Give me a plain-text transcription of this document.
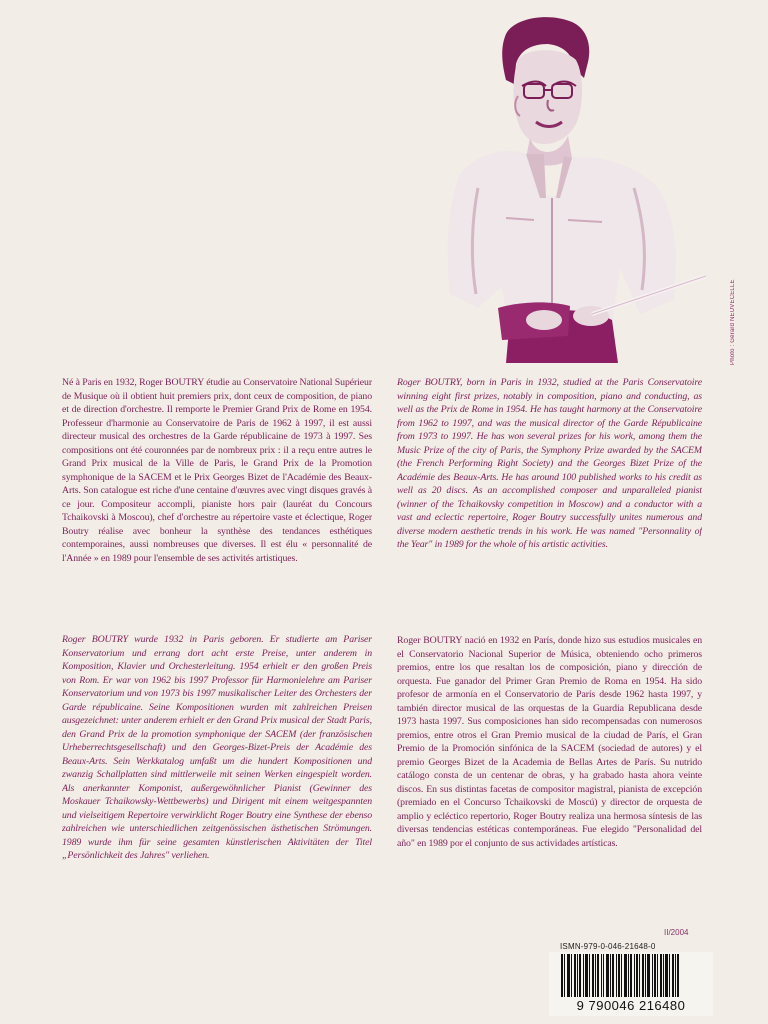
Photo : Gérard NEUVECELLE
Né à Paris en 1932, Roger BOUTRY étudie au Conservatoire National Supérieur de Musique où il obtient huit premiers prix, dont ceux de composition, de piano et de direction d'orchestre. Il remporte le Premier Grand Prix de Rome en 1954. Professeur d'harmonie au Conservatoire de Paris de 1962 à 1997, il est aussi directeur musical des orchestres de la Garde républicaine de 1973 à 1997. Ses compositions ont été couronnées par de nombreux prix : il a reçu entre autres le Grand Prix musical de la Ville de Paris, le Grand Prix de la Promotion symphonique de la SACEM et le Prix Georges Bizet de l'Académie des Beaux-Arts. Son catalogue est riche d'une centaine d'œuvres avec vingt disques gravés à ce jour. Compositeur accompli, pianiste hors pair (lauréat du Concours Tchaikovski à Moscou), chef d'orchestre au répertoire vaste et éclectique, Roger Boutry réalise avec bonheur la synthèse des tendances esthétiques contemporaines, aussi nombreuses que diverses. Il est élu « personnalité de l'Année » en 1989 pour l'ensemble de ses activités artistiques.
Roger BOUTRY, born in Paris in 1932, studied at the Paris Conservatoire winning eight first prizes, notably in composition, piano and conducting, as well as the Prix de Rome in 1954. He has taught harmony at the Conservatoire from 1962 to 1997, and was the musical director of the Garde Républicaine from 1973 to 1997. He has won several prizes for his work, among them the Music Prize of the city of Paris, the Symphony Prize awarded by the SACEM (the French Performing Right Society) and the Georges Bizet Prize of the Académie des Beaux-Arts. He has around 100 published works to his credit as well as 20 discs. As an accomplished composer and unparalleled pianist (winner of the Tchaikovsky competition in Moscow) and a conductor with a vast and eclectic repertoire, Roger Boutry successfully unites numerous and diverse modern aesthetic trends in his work. He was named "Personnality of the Year" in 1989 for the whole of his artistic activities.
Roger BOUTRY wurde 1932 in Paris geboren. Er studierte am Pariser Konservatorium und errang dort acht erste Preise, unter anderem in Komposition, Klavier und Orchesterleitung. 1954 erhielt er den großen Preis von Rom. Er war von 1962 bis 1997 Professor für Harmonielehre am Pariser Konservatorium und von 1973 bis 1997 musikalischer Leiter des Orchesters der Garde républicaine. Seine Kompositionen wurden mit zahlreichen Preisen ausgezeichnet: unter anderem erhielt er den Grand Prix musical der Stadt Paris, den Grand Prix de la promotion symphonique der SACEM (der französischen Urheberrechtsgesellschaft) und den Georges-Bizet-Preis der Académie des Beaux-Arts. Sein Werkkatalog umfaßt um die hundert Kompositionen und zwanzig Schallplatten sind mittlerweile mit seinen Werken eingespielt worden. Als anerkannter Komponist, außergewöhnlicher Pianist (Gewinner des Moskauer Tchaikowsky-Wettbewerbs) und Dirigent mit einem weitgespannten und vielseitigem Repertoire verwirklicht Roger Boutry eine Synthese der ebenso zahlreichen wie unterschiedlichen zeitgenössischen ästhetischen Strömungen. 1989 wurde ihm für seine gesamten künstlerischen Aktivitäten der Titel „Persönlichkeit des Jahres" verliehen.
Roger BOUTRY nació en 1932 en París, donde hizo sus estudios musicales en el Conservatorio Nacional Superior de Música, obteniendo ocho primeros premios, entre los que resaltan los de composición, piano y dirección de orquesta. Fue ganador del Primer Gran Premio de Roma en 1954. Ha sido profesor de armonía en el Conservatorio de París desde 1962 hasta 1997, y también director musical de las orquestas de la Guardia Republicana desde 1973 hasta 1997. Sus composiciones han sido recompensadas con numerosos premios, entre otros el Gran Premio musical de la ciudad de París, el Gran Premio de la Promoción sinfónica de la SACEM (sociedad de autores) y el premio Georges Bizet de la Academia de Bellas Artes de París. Su nutrido catálogo consta de un centenar de obras, y ha grabado hasta ahora veinte discos. En sus distintas facetas de compositor magistral, pianista de excepción (premiado en el Concurso Tchaikovski de Moscú) y director de orquesta de amplio y ecléctico repertorio, Roger Boutry realiza una hermosa síntesis de las diversas tendencias estéticas contemporáneas. Fue elegido "Personalidad del año" en 1989 por el conjunto de sus actividades artísticas.
II/2004
ISMN-979-0-046-21648-0
9 790046 216480
